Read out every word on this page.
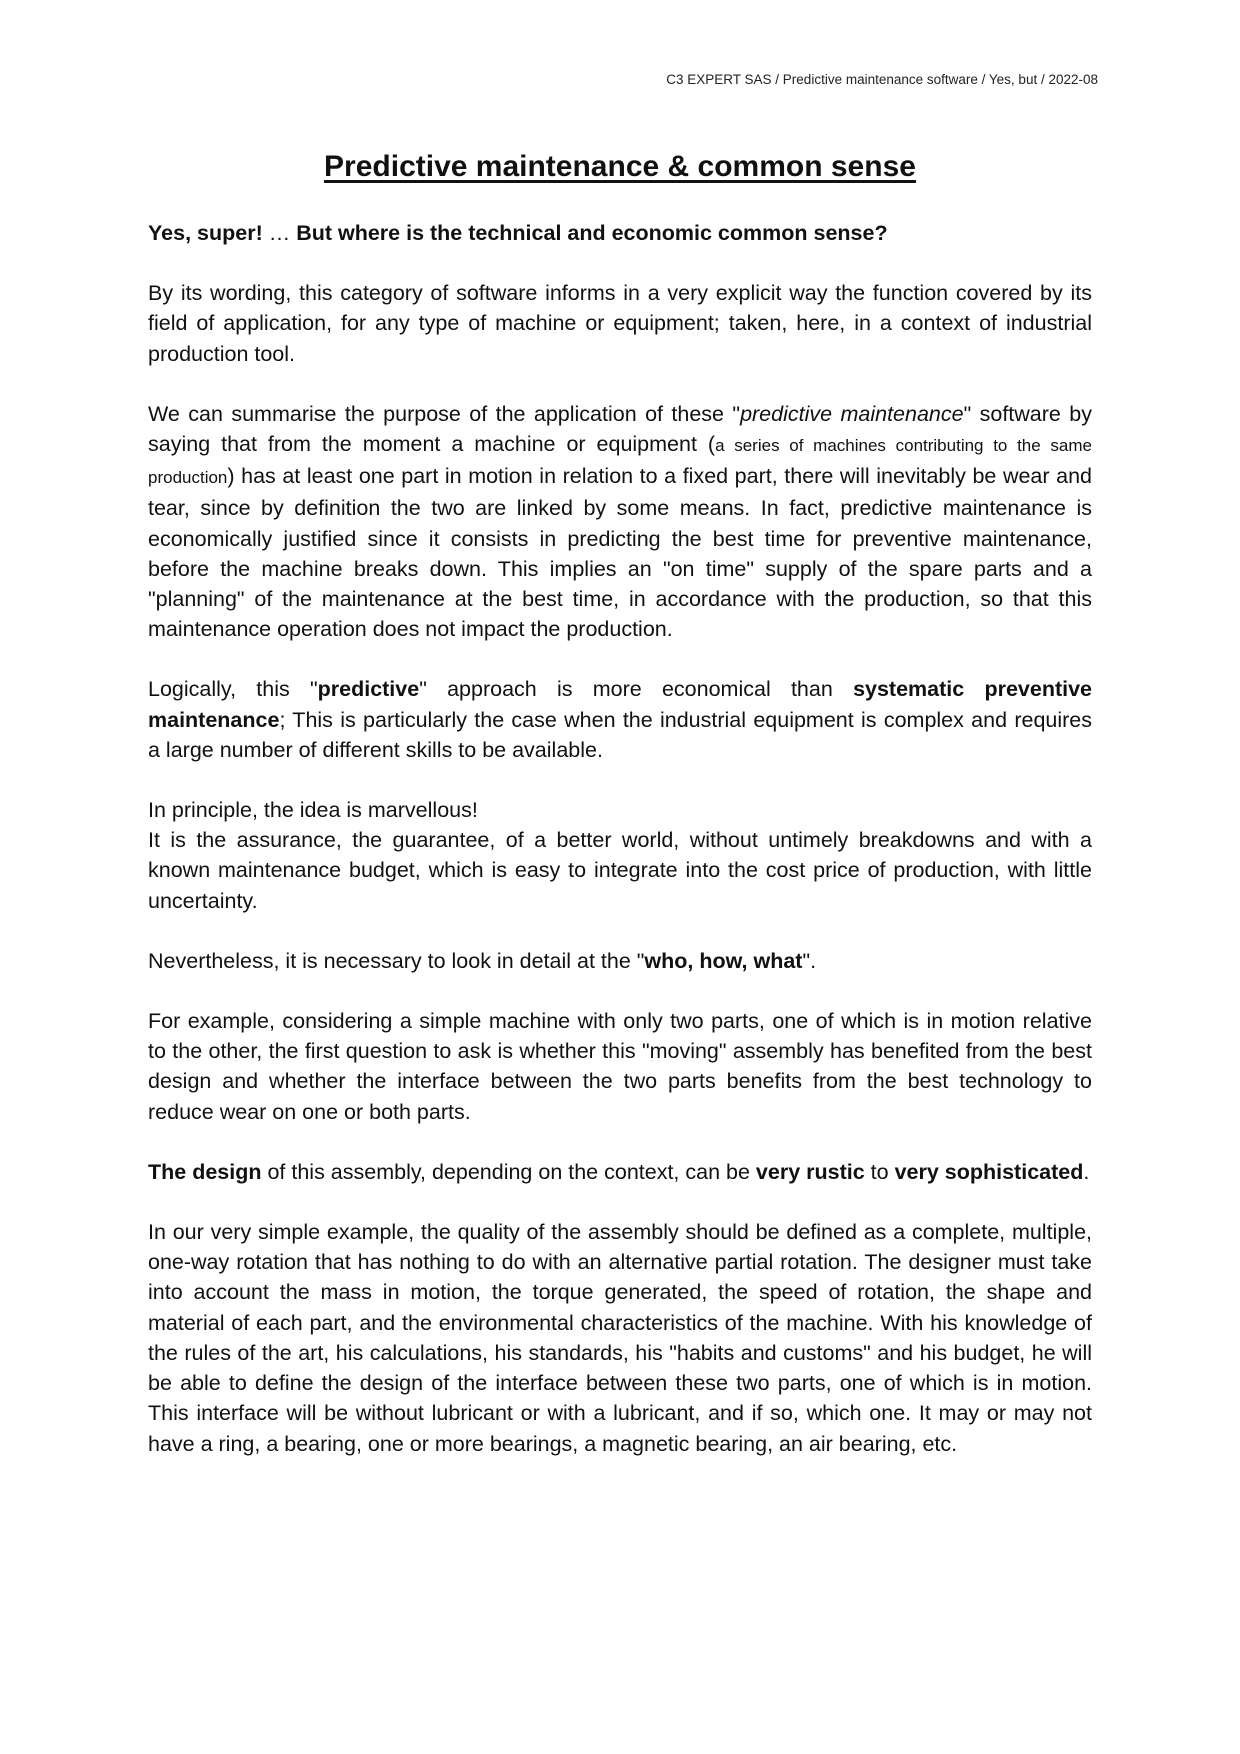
C3 EXPERT SAS / Predictive maintenance software / Yes, but / 2022-08
Predictive maintenance & common sense

Yes, super! … But where is the technical and economic common sense?

By its wording, this category of software informs in a very explicit way the function covered by its field of application, for any type of machine or equipment; taken, here, in a context of industrial production tool.

We can summarise the purpose of the application of these "predictive maintenance" software by saying that from the moment a machine or equipment (a series of machines contributing to the same production) has at least one part in motion in relation to a fixed part, there will inevitably be wear and tear, since by definition the two are linked by some means. In fact, predictive maintenance is economically justified since it consists in predicting the best time for preventive maintenance, before the machine breaks down. This implies an "on time" supply of the spare parts and a "planning" of the maintenance at the best time, in accordance with the production, so that this maintenance operation does not impact the production.

Logically, this "predictive" approach is more economical than systematic preventive maintenance; This is particularly the case when the industrial equipment is complex and requires a large number of different skills to be available.

In principle, the idea is marvellous!

It is the assurance, the guarantee, of a better world, without untimely breakdowns and with a known maintenance budget, which is easy to integrate into the cost price of production, with little uncertainty.

Nevertheless, it is necessary to look in detail at the "who, how, what".

For example, considering a simple machine with only two parts, one of which is in motion relative to the other, the first question to ask is whether this "moving" assembly has benefited from the best design and whether the interface between the two parts benefits from the best technology to reduce wear on one or both parts.

The design of this assembly, depending on the context, can be very rustic to very sophisticated.

In our very simple example, the quality of the assembly should be defined as a complete, multiple, one-way rotation that has nothing to do with an alternative partial rotation. The designer must take into account the mass in motion, the torque generated, the speed of rotation, the shape and material of each part, and the environmental characteristics of the machine. With his knowledge of the rules of the art, his calculations, his standards, his "habits and customs" and his budget, he will be able to define the design of the interface between these two parts, one of which is in motion. This interface will be without lubricant or with a lubricant, and if so, which one. It may or may not have a ring, a bearing, one or more bearings, a magnetic bearing, an air bearing, etc.
